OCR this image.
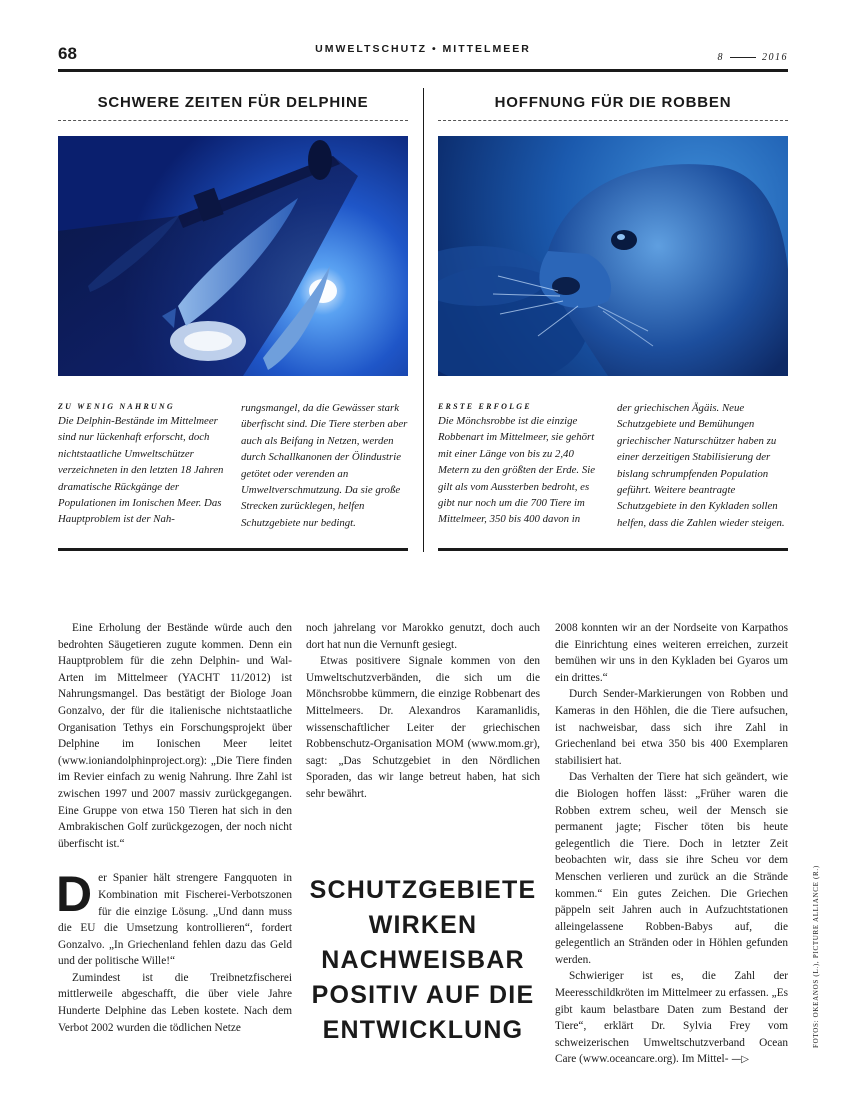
68	UMWELTSCHUTZ • MITTELMEER
8	2016
SCHWERE ZEITEN FÜR DELPHINE
ZU WENIG NAHRUNG
Die Delphin-Bestände im Mittelmeer sind nur lückenhaft erforscht, doch nichtstaatliche Umweltschützer verzeichneten in den letzten 18 Jahren dramatische Rückgänge der Populationen im Ionischen Meer. Das Hauptproblem ist der Nah-
rungsmangel, da die Gewässer stark überfischt sind. Die Tiere sterben aber auch als Beifang in Netzen, werden durch Schallkanonen der Ölindustrie getötet oder verenden an Umweltverschmutzung. Da sie große Strecken zurücklegen, helfen Schutzgebiete nur bedingt.
HOFFNUNG FÜR DIE ROBBEN
ERSTE ERFOLGE
Die Mönchsrobbe ist die einzige Robbenart im Mittelmeer, sie gehört mit einer Länge von bis zu 2,40 Metern zu den größten der Erde. Sie gilt als vom Aussterben bedroht, es gibt nur noch um die 700 Tiere im Mittelmeer, 350 bis 400 davon in
der griechischen Ägäis. Neue Schutzgebiete und Bemühungen griechischer Naturschützer haben zu einer derzeitigen Stabilisierung der bislang schrumpfenden Population geführt. Weitere beantragte Schutzgebiete in den Kykladen sollen helfen, dass die Zahlen wieder steigen.

Eine Erholung der Bestände würde auch den bedrohten Säugetieren zugute kommen. Denn ein Hauptproblem für die zehn Delphin- und Wal-Arten im Mittelmeer (YACHT 11/2012) ist Nahrungsmangel. Das bestätigt der Biologe Joan Gonzalvo, der für die italienische nichtstaatliche Organisation Tethys ein Forschungsprojekt über Delphine im Ionischen Meer leitet (www.ioniandolphinproject.org): „Die Tiere finden im Revier einfach zu wenig Nahrung. Ihre Zahl ist zwischen 1997 und 2007 massiv zurückgegangen. Eine Gruppe von etwa 150 Tieren hat sich in den Ambrakischen Golf zurückgezogen, der noch nicht überfischt ist.“

Der Spanier hält strengere Fangquoten in Kombination mit Fischerei-Verbotszonen für die einzige Lösung. „Und dann muss die EU die Umsetzung kontrollieren“, fordert Gonzalvo. „In Griechenland fehlen dazu das Geld und der politische Wille!“

Zumindest ist die Treibnetzfischerei mittlerweile abgeschafft, die über viele Jahre Hunderte Delphine das Leben kostete. Nach dem Verbot 2002 wurden die tödlichen Netze

noch jahrelang vor Marokko genutzt, doch auch dort hat nun die Vernunft gesiegt.

Etwas positivere Signale kommen von den Umweltschutzverbänden, die sich um die Mönchsrobbe kümmern, die einzige Robbenart des Mittelmeers. Dr. Alexandros Karamanlidis, wissenschaftlicher Leiter der griechischen Robbenschutz-Organisation MOM (www.mom.gr), sagt: „Das Schutzgebiet in den Nördlichen Sporaden, das wir lange betreut haben, hat sich sehr bewährt.

SCHUTZGEBIETE
WIRKEN
NACHWEISBAR
POSITIV AUF DIE
ENTWICKLUNG

2008 konnten wir an der Nordseite von Karpathos die Einrichtung eines weiteren erreichen, zurzeit bemühen wir uns in den Kykladen bei Gyaros um ein drittes.“

Durch Sender-Markierungen von Robben und Kameras in den Höhlen, die die Tiere aufsuchen, ist nachweisbar, dass sich ihre Zahl in Griechenland bei etwa 350 bis 400 Exemplaren stabilisiert hat.

Das Verhalten der Tiere hat sich geändert, wie die Biologen hoffen lässt: „Früher waren die Robben extrem scheu, weil der Mensch sie permanent jagte; Fischer töten bis heute gelegentlich die Tiere. Doch in letzter Zeit beobachten wir, dass sie ihre Scheu vor dem Menschen verlieren und zurück an die Strände kommen.“ Ein gutes Zeichen. Die Griechen päppeln seit Jahren auch in Aufzuchtstationen alleingelassene Robben-Babys auf, die gelegentlich an Stränden oder in Höhlen gefunden werden.

Schwieriger ist es, die Zahl der Meeresschildkröten im Mittelmeer zu erfassen. „Es gibt kaum belastbare Daten zum Bestand der Tiere“, erklärt Dr. Sylvia Frey vom schweizerischen Umweltschutzverband Ocean Care (www.oceancare.org). Im Mittel- —▷

FOTOS: OKEANOS (L.), PICTURE ALLIANCE (R.)
